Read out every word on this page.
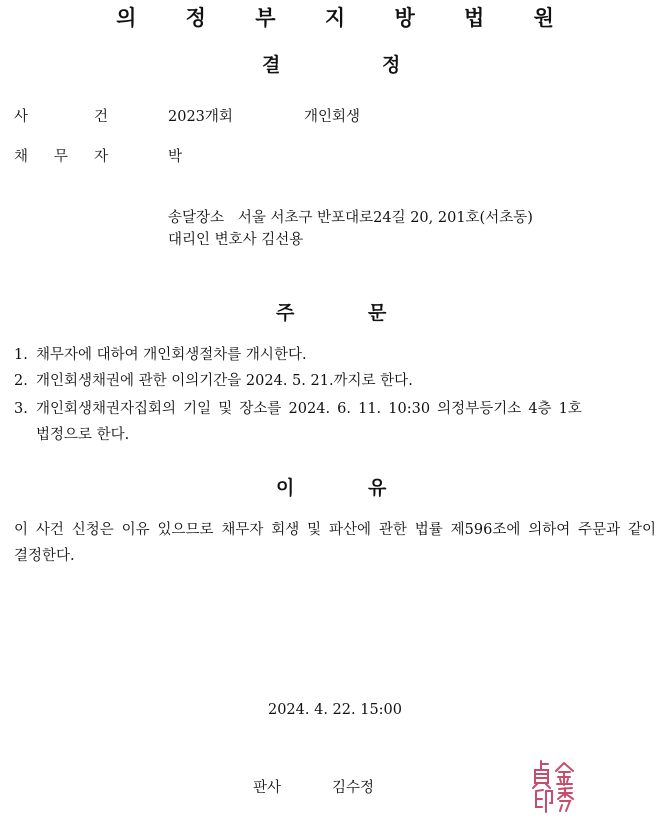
의 정 부 지 방 법 원
결	정
사	건	2023개회	개인회생
채 무 자	박
송달장소   서울 서초구 반포대로24길 20, 201호(서초동)
대리인 변호사 김선용
주	문
1. 채무자에 대하여 개인회생절차를 개시한다.
2. 개인회생채권에 관한 이의기간을 2024. 5. 21.까지로 한다.
3. 개인회생채권자집회의 기일 및 장소를 2024. 6. 11. 10:30 의정부등기소 4층 1호
법정으로 한다.
이	유
이 사건 신청은 이유 있으므로 채무자 회생 및 파산에 관한 법률 제596조에 의하여 주문과 같이 결정한다.
2024. 4. 22. 15:00
판사	김수정
